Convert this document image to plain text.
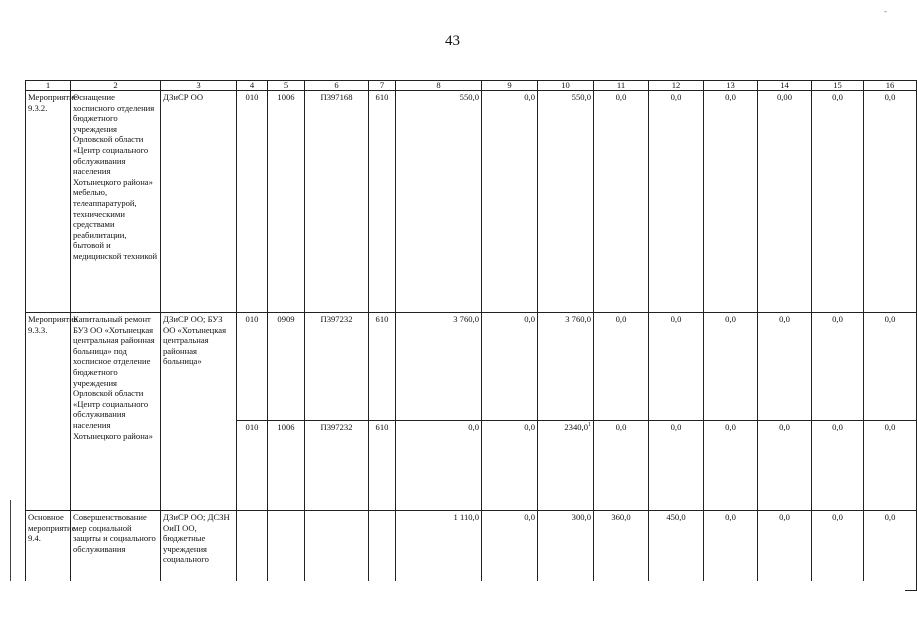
-
43
1	2	3	4	5	6	7	8	9	10	11	12	13	14	15	16
Мероприятие 9.3.2.	Оснащение хосписного отделения бюджетного учреждения Орловской области «Центр социального обслуживания населения Хотынецкого района» мебелью, телеаппаратурой, техническими средствами реабилитации, бытовой и медицинской техникой	ДЗиСР ОО	010	1006	П397168	610	550,0	0,0	550,0	0,0	0,0	0,0	0,00	0,0	0,0
Мероприятие 9.3.3.	Капитальный ремонт БУЗ ОО «Хотынецкая центральная районная больница» под хосписное отделение бюджетного учреждения Орловской области «Центр социального обслуживания населения Хотынецкого района»	ДЗиСР ОО; БУЗ ОО «Хотынецкая центральная районная больница»	010	0909	П397232	610	3 760,0	0,0	3 760,0	0,0	0,0	0,0	0,0	0,0	0,0
			010	1006	П397232	610	0,0	0,0	2340,0$^1$	0,0	0,0	0,0	0,0	0,0	0,0
Основное мероприятие 9.4.	Совершенствование мер социальной защиты и социального обслуживания	ДЗиСР ОО; ДСЗН ОиП ОО, бюджетные учреждения социального					1 110,0	0,0	300,0	360,0	450,0	0,0	0,0	0,0	0,0
